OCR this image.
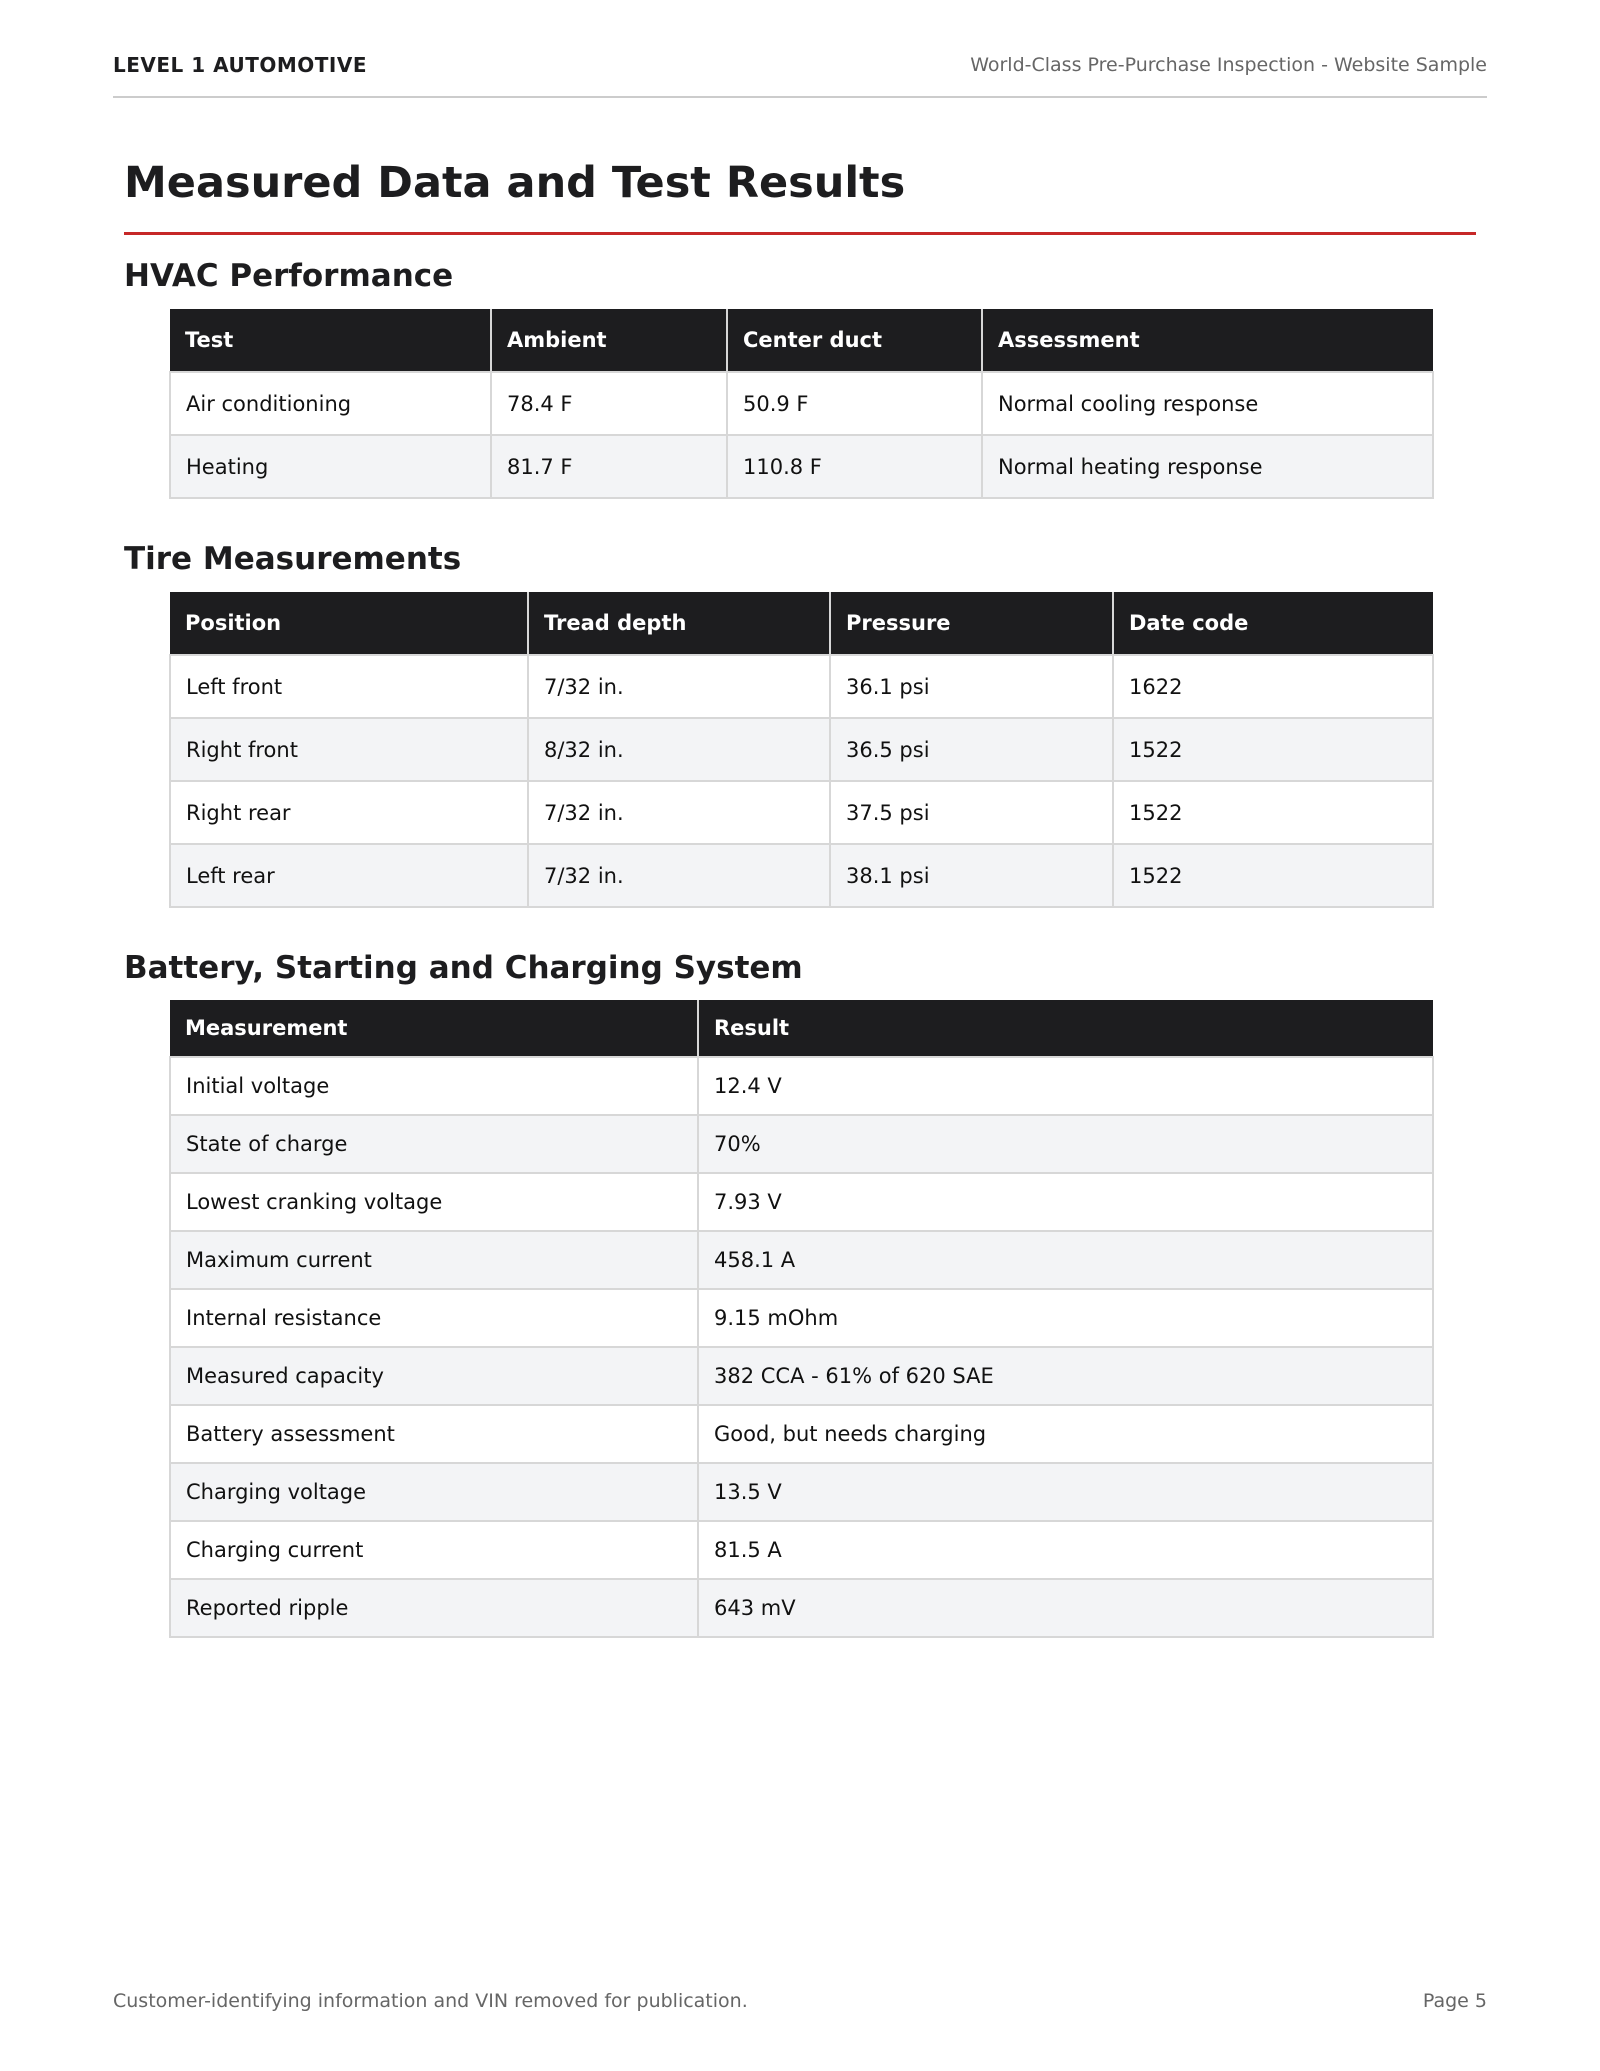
LEVEL 1 AUTOMOTIVE	World-Class Pre-Purchase Inspection - Website Sample
Measured Data and Test Results
HVAC Performance
Test	Ambient	Center duct	Assessment
Air conditioning	78.4 F	50.9 F	Normal cooling response
Heating	81.7 F	110.8 F	Normal heating response
Tire Measurements
Position	Tread depth	Pressure	Date code
Left front	7/32 in.	36.1 psi	1622
Right front	8/32 in.	36.5 psi	1522
Right rear	7/32 in.	37.5 psi	1522
Left rear	7/32 in.	38.1 psi	1522
Battery, Starting and Charging System
Measurement	Result
Initial voltage	12.4 V
State of charge	70%
Lowest cranking voltage	7.93 V
Maximum current	458.1 A
Internal resistance	9.15 mOhm
Measured capacity	382 CCA - 61% of 620 SAE
Battery assessment	Good, but needs charging
Charging voltage	13.5 V
Charging current	81.5 A
Reported ripple	643 mV
Customer-identifying information and VIN removed for publication.	Page 5
